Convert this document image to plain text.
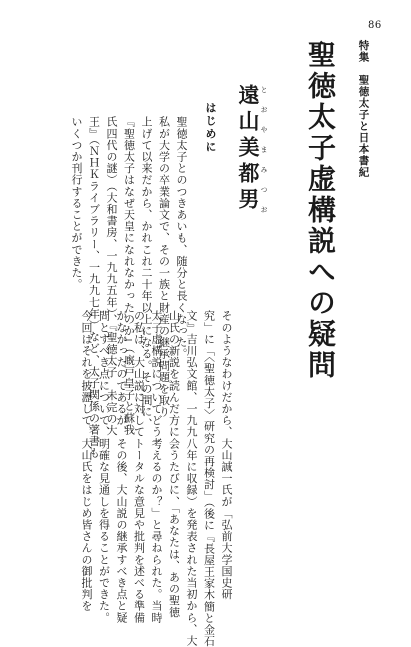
86
特集　聖徳太子と日本書紀
聖徳太子虚構説への疑問
とおやまみつお
遠山美都男
はじめに

聖徳太子とのつきあいも、随分と長くなった。

私が大学の卒業論文で、その一族と財産の継承問題を取り

上げて以来だから、かれこれ二十年以上になる。その間に、

『聖徳太子はなぜ天皇になれなかったのか』（廐戸皇子と蘇我

氏四代の謎）（大和書房、一九九五年）、『聖徳太子　未完の大

王』（ＮＨＫライブラリー、一九九七年）など、太子関係の著書も

いくつか刊行することができた。

そのようなわけだから、大山誠一氏が「弘前大学国史研

究」に「〈聖徳太子〉研究の再検討」（後に『長屋王家木簡と金石

文』吉川弘文館、一九九八年に収録）を発表された当初から、大

山氏の新説を読んだ方に会うたびに、「あなたは、あの聖徳

太子虚構説についてどう考えるのか？」と尋ねられた。当時

の私は、大山説に対してトータルな意見や批判を述べる準備

がなかったのであるが、その後、大山説の継承すべき点と疑

問とすべき点について、明確な見通しを得ることができた。

今回はそれを披瀝して、大山氏をはじめ皆さんの御批判を
